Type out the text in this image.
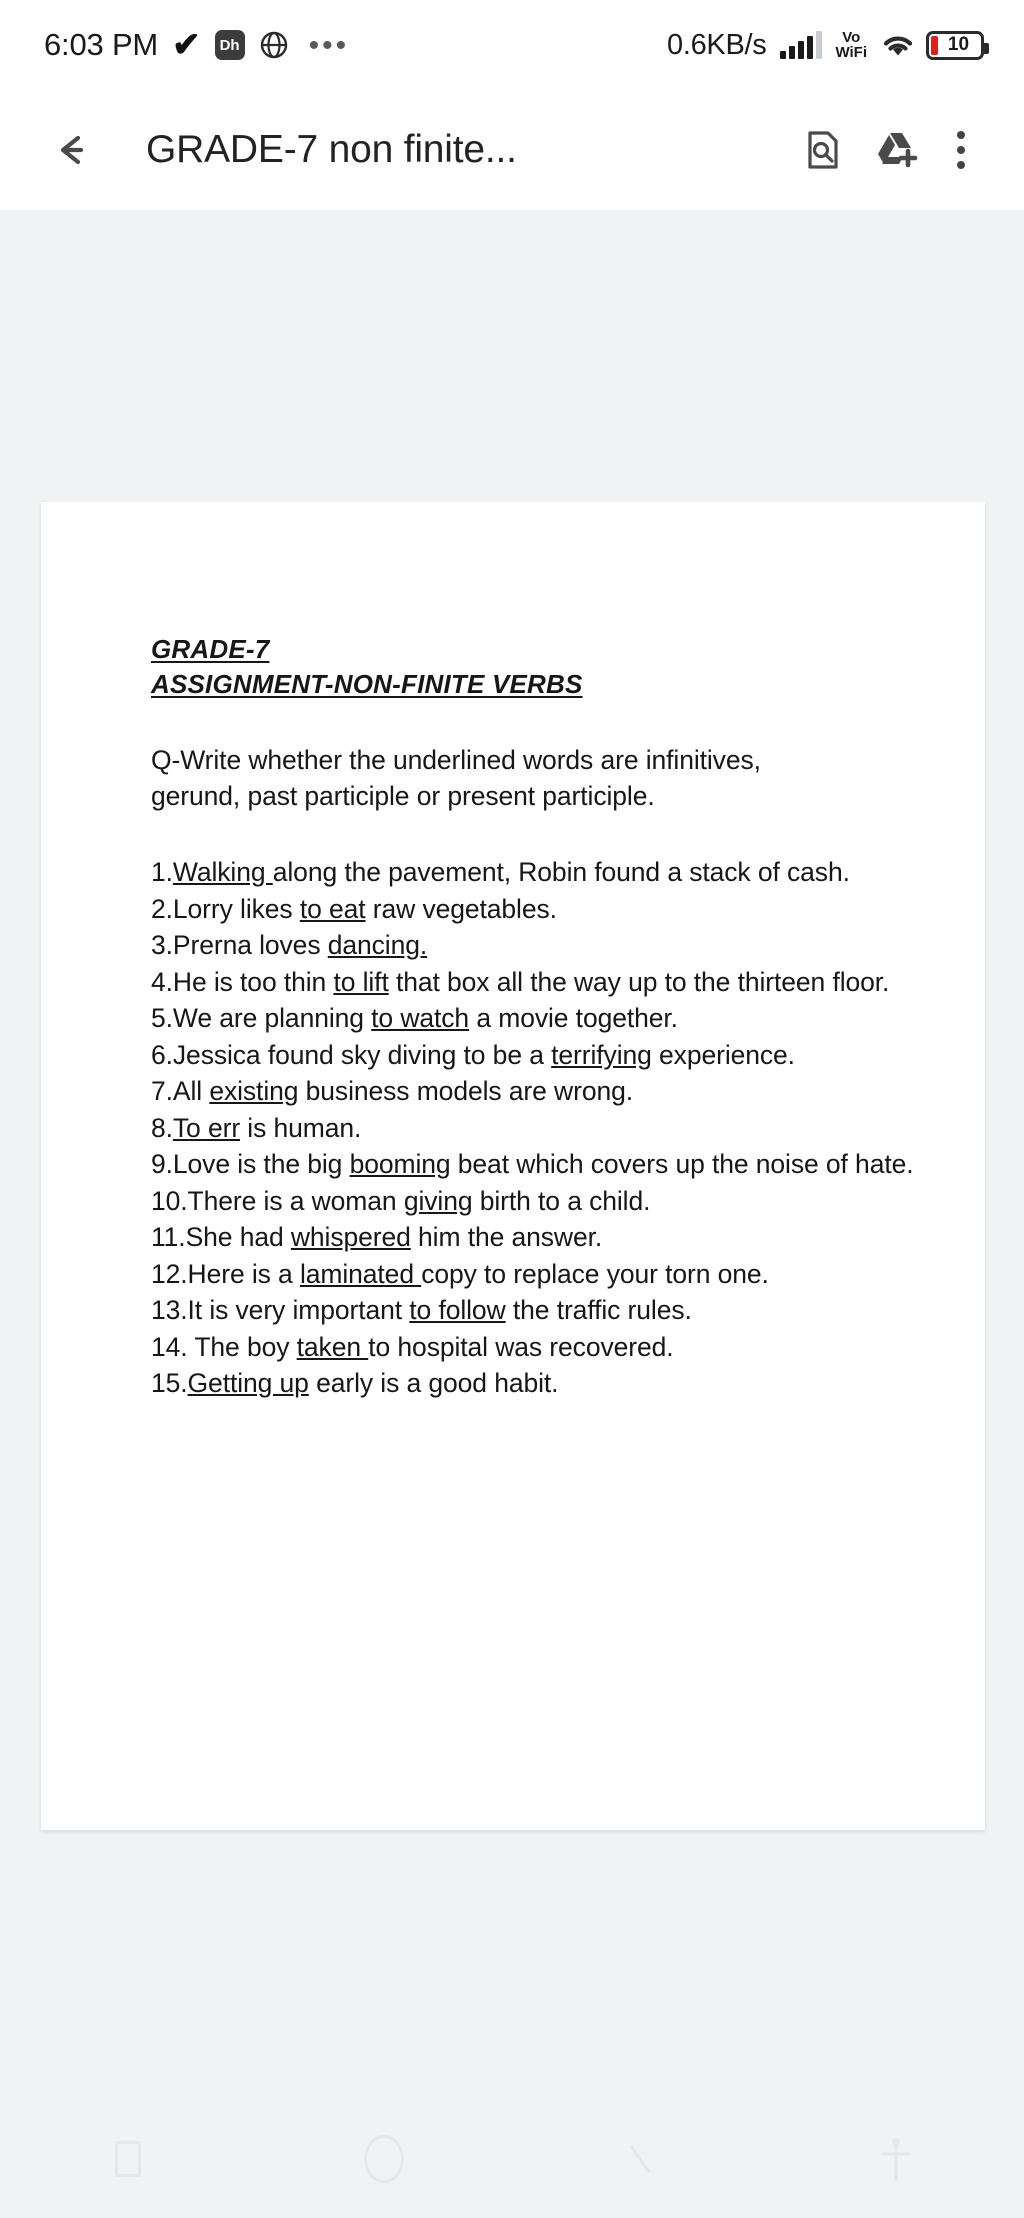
6:03 PM ✔ Dh •••	0.6KB/s	Vo
WiFi	10
GRADE-7 non finite...
GRADE-7
ASSIGNMENT-NON-FINITE VERBS
Q-Write whether the underlined words are infinitives,
gerund, past participle or present participle.

1.Walking along the pavement, Robin found a stack of cash.

2.Lorry likes to eat raw vegetables.

3.Prerna loves dancing.

4.He is too thin to lift that box all the way up to the thirteen floor.

5.We are planning to watch a movie together.

6.Jessica found sky diving to be a terrifying experience.

7.All existing business models are wrong.

8.To err is human.

9.Love is the big booming beat which covers up the noise of hate.

10.There is a woman giving birth to a child.

11.She had whispered him the answer.

12.Here is a laminated copy to replace your torn one.

13.It is very important to follow the traffic rules.

14. The boy taken to hospital was recovered.

15.Getting up early is a good habit.
